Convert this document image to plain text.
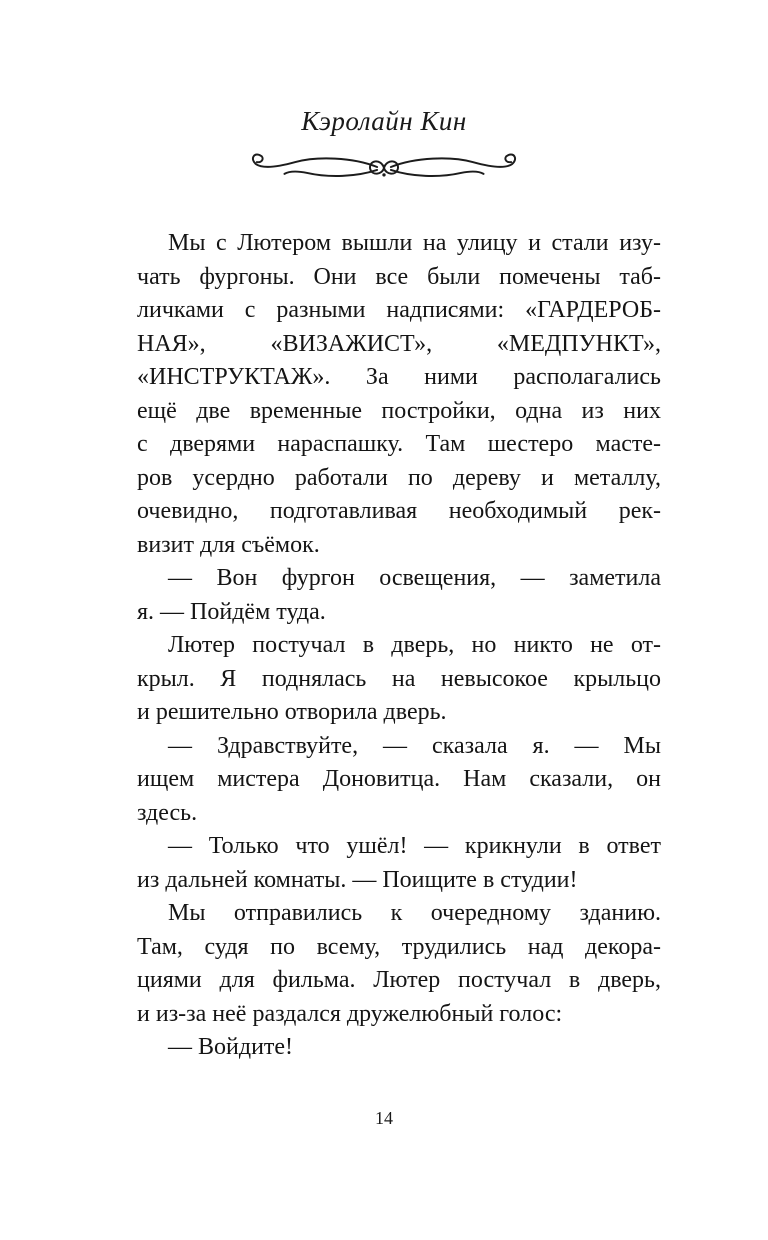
Кэролайн Кин
Мы с Лютером вышли на улицу и стали изу-
чать фургоны. Они все были помечены таб-
личками с разными надписями: «ГАРДЕРОБ-
НАЯ», «ВИЗАЖИСТ», «МЕДПУНКТ»,
«ИНСТРУКТАЖ». За ними располагались
ещё две временные постройки, одна из них
с дверями нараспашку. Там шестеро масте-
ров усердно работали по дереву и металлу,
очевидно, подготавливая необходимый рек-
визит для съёмок.
— Вон фургон освещения, — заметила
я. — Пойдём туда.
Лютер постучал в дверь, но никто не от-
крыл. Я поднялась на невысокое крыльцо
и решительно отворила дверь.
— Здравствуйте, — сказала я. — Мы
ищем мистера Доновитца. Нам сказали, он
здесь.
— Только что ушёл! — крикнули в ответ
из дальней комнаты. — Поищите в студии!
Мы отправились к очередному зданию.
Там, судя по всему, трудились над декора-
циями для фильма. Лютер постучал в дверь,
и из-за неё раздался дружелюбный голос:
— Войдите!
14
